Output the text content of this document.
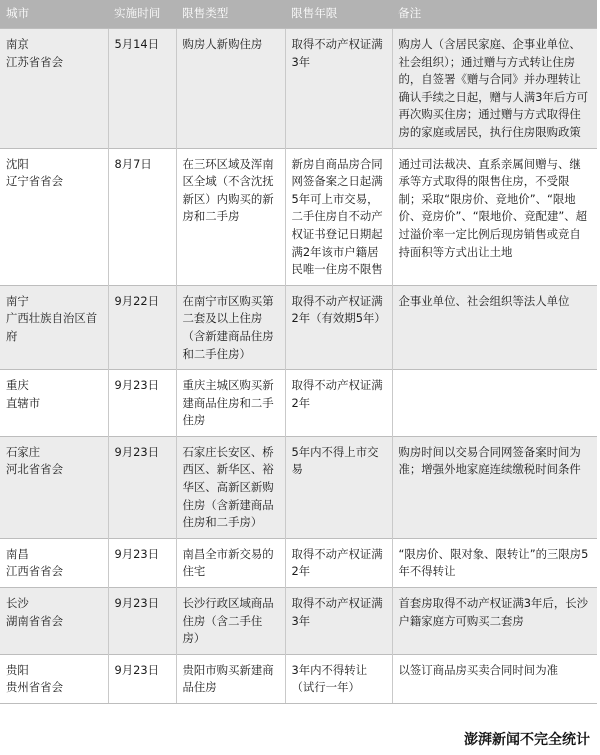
城市	实施时间	限售类型	限售年限	备注

南京
江苏省省会	5月14日	购房人新购住房	取得不动产权证满3年	购房人（含居民家庭、企事业单位、社会组织）；通过赠与方式转让住房的，自签署《赠与合同》并办理转让确认手续之日起，赠与人满3年后方可再次购买住房；通过赠与方式取得住房的家庭或居民，执行住房限购政策

沈阳
辽宁省省会	8月7日	在三环区域及浑南区全域（不含沈抚新区）内购买的新房和二手房	新房自商品房合同网签备案之日起满5年可上市交易，二手住房自不动产权证书登记日期起满2年该市户籍居民唯一住房不限售	通过司法裁决、直系亲属间赠与、继承等方式取得的限售住房，不受限制；采取“限房价、竞地价”、“限地价、竞房价”、“限地价、竞配建”、超过溢价率一定比例后现房销售或竞自持面积等方式出让土地

南宁
广西壮族自治区首府	9月22日	在南宁市区购买第二套及以上住房（含新建商品住房和二手住房）	取得不动产权证满2年（有效期5年）	企事业单位、社会组织等法人单位

重庆
直辖市	9月23日	重庆主城区购买新建商品住房和二手住房	取得不动产权证满2年	

石家庄
河北省省会	9月23日	石家庄长安区、桥西区、新华区、裕华区、高新区新购住房（含新建商品住房和二手房）	5年内不得上市交易	购房时间以交易合同网签备案时间为准；增强外地家庭连续缴税时间条件

南昌
江西省省会	9月23日	南昌全市新交易的住宅	取得不动产权证满2年	“限房价、限对象、限转让”的三限房5年不得转让

长沙
湖南省省会	9月23日	长沙行政区域商品住房（含二手住房）	取得不动产权证满3年	首套房取得不动产权证满3年后，长沙户籍家庭方可购买二套房

贵阳
贵州省省会	9月23日	贵阳市购买新建商品住房	3年内不得转让（试行一年）	以签订商品房买卖合同时间为准
澎湃新闻不完全统计
